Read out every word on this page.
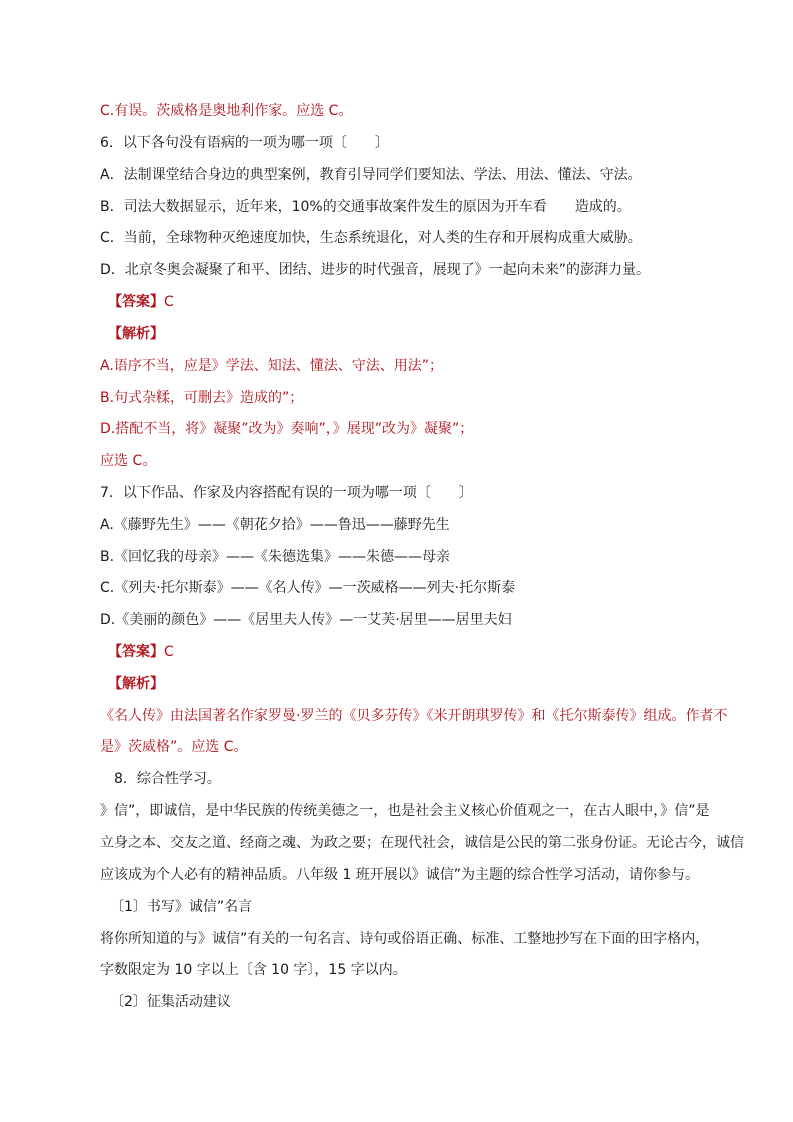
C.有误。茨威格是奥地利作家。应选 C。
6．以下各句没有语病的一项为哪一项〔　　〕
A．法制课堂结合身边的典型案例，教育引导同学们要知法、学法、用法、懂法、守法。
B．司法大数据显示，近年来，10%的交通事故案件发生的原因为开车看　　造成的。
C．当前，全球物种灭绝速度加快，生态系统退化，对人类的生存和开展构成重大威胁。
D．北京冬奥会凝聚了和平、团结、进步的时代强音，展现了》一起向未来”的澎湃力量。
【答案】C
【解析】
A.语序不当，应是》学法、知法、懂法、守法、用法”；
B.句式杂糅，可删去》造成的”；
D.搭配不当，将》凝聚”改为》奏响”，》展现”改为》凝聚”；
应选 C。
7．以下作品、作家及内容搭配有误的一项为哪一项〔　　〕
A.《藤野先生》——《朝花夕拾》——鲁迅——藤野先生
B.《回忆我的母亲》——《朱德选集》——朱德——母亲
C.《列夫·托尔斯泰》——《名人传》—一茨威格——列夫·托尔斯泰
D.《美丽的颜色》——《居里夫人传》—一艾芙·居里——居里夫妇
【答案】C
【解析】
《名人传》由法国著名作家罗曼·罗兰的《贝多芬传》《米开朗琪罗传》和《托尔斯泰传》组成。作者不
是》茨威格”。应选 C。
8．综合性学习。
》信”，即诚信，是中华民族的传统美德之一，也是社会主义核心价值观之一，在古人眼中，》信”是
立身之本、交友之道、经商之魂、为政之要；在现代社会，诚信是公民的第二张身份证。无论古今，诚信
应该成为个人必有的精神品质。八年级 1 班开展以》诚信”为主题的综合性学习活动，请你参与。
〔1〕书写》诚信”名言
将你所知道的与》诚信”有关的一句名言、诗句或俗语正确、标准、工整地抄写在下面的田字格内，
字数限定为 10 字以上〔含 10 字〕，15 字以内。
〔2〕征集活动建议
